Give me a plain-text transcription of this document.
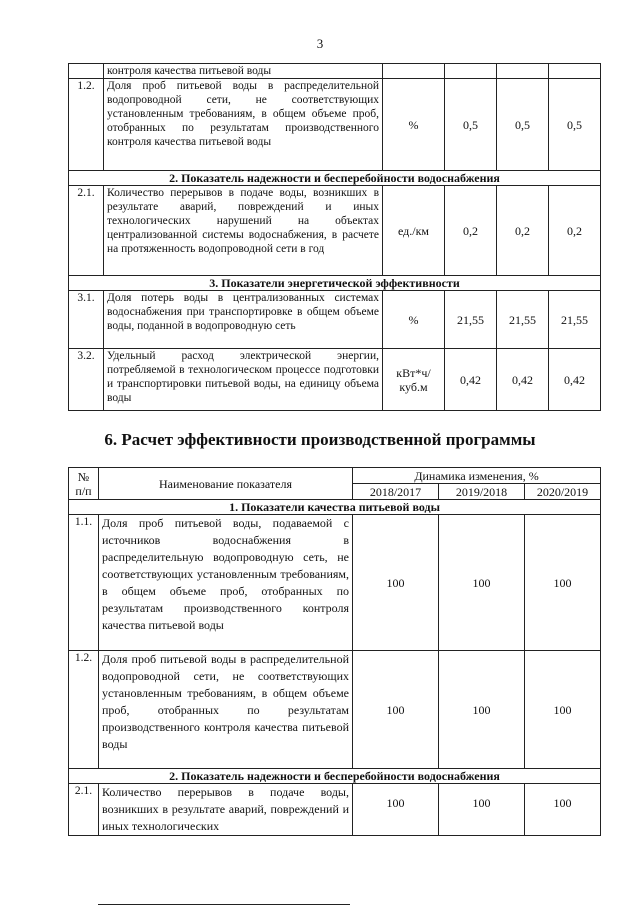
3
	контроля качества питьевой воды				
1.2.	Доля проб питьевой воды в распределительной водопроводной сети, не соответствующих установленным требованиям, в общем объеме проб, отобранных по результатам производственного контроля качества питьевой воды	%	0,5	0,5	0,5
2. Показатель надежности и бесперебойности водоснабжения					
2.1.	Количество перерывов в подаче воды, возникших в результате аварий, повреждений и иных технологических нарушений на объектах централизованной системы водоснабжения, в расчете на протяженность водопроводной сети в год	ед./км	0,2	0,2	0,2
3. Показатели энергетической эффективности					
3.1.	Доля потерь воды в централизованных системах водоснабжения при транспортировке в общем объеме воды, поданной в водопроводную сеть	%	21,55	21,55	21,55
3.2.	Удельный расход электрической энергии, потребляемой в технологическом процессе подготовки и транспортировки питьевой воды, на единицу объема воды	кВт*ч/ куб.м	0,42	0,42	0,42
6. Расчет эффективности производственной программы
№ п/п	Наименование показателя	Динамика изменения, %		
		2018/2017	2019/2018	2020/2019
1. Показатели качества питьевой воды				
1.1.	Доля проб питьевой воды, подаваемой с источников водоснабжения в распределительную водопроводную сеть, не соответствующих установленным требованиям, в общем объеме проб, отобранных по результатам производственного контроля качества питьевой воды	100	100	100
1.2.	Доля проб питьевой воды в распределительной водопроводной сети, не соответствующих установленным требованиям, в общем объеме проб, отобранных по результатам производственного контроля качества питьевой воды	100	100	100
2. Показатель надежности и бесперебойности водоснабжения				
2.1.	Количество перерывов в подаче воды, возникших в результате аварий, повреждений и иных технологических	100	100	100
